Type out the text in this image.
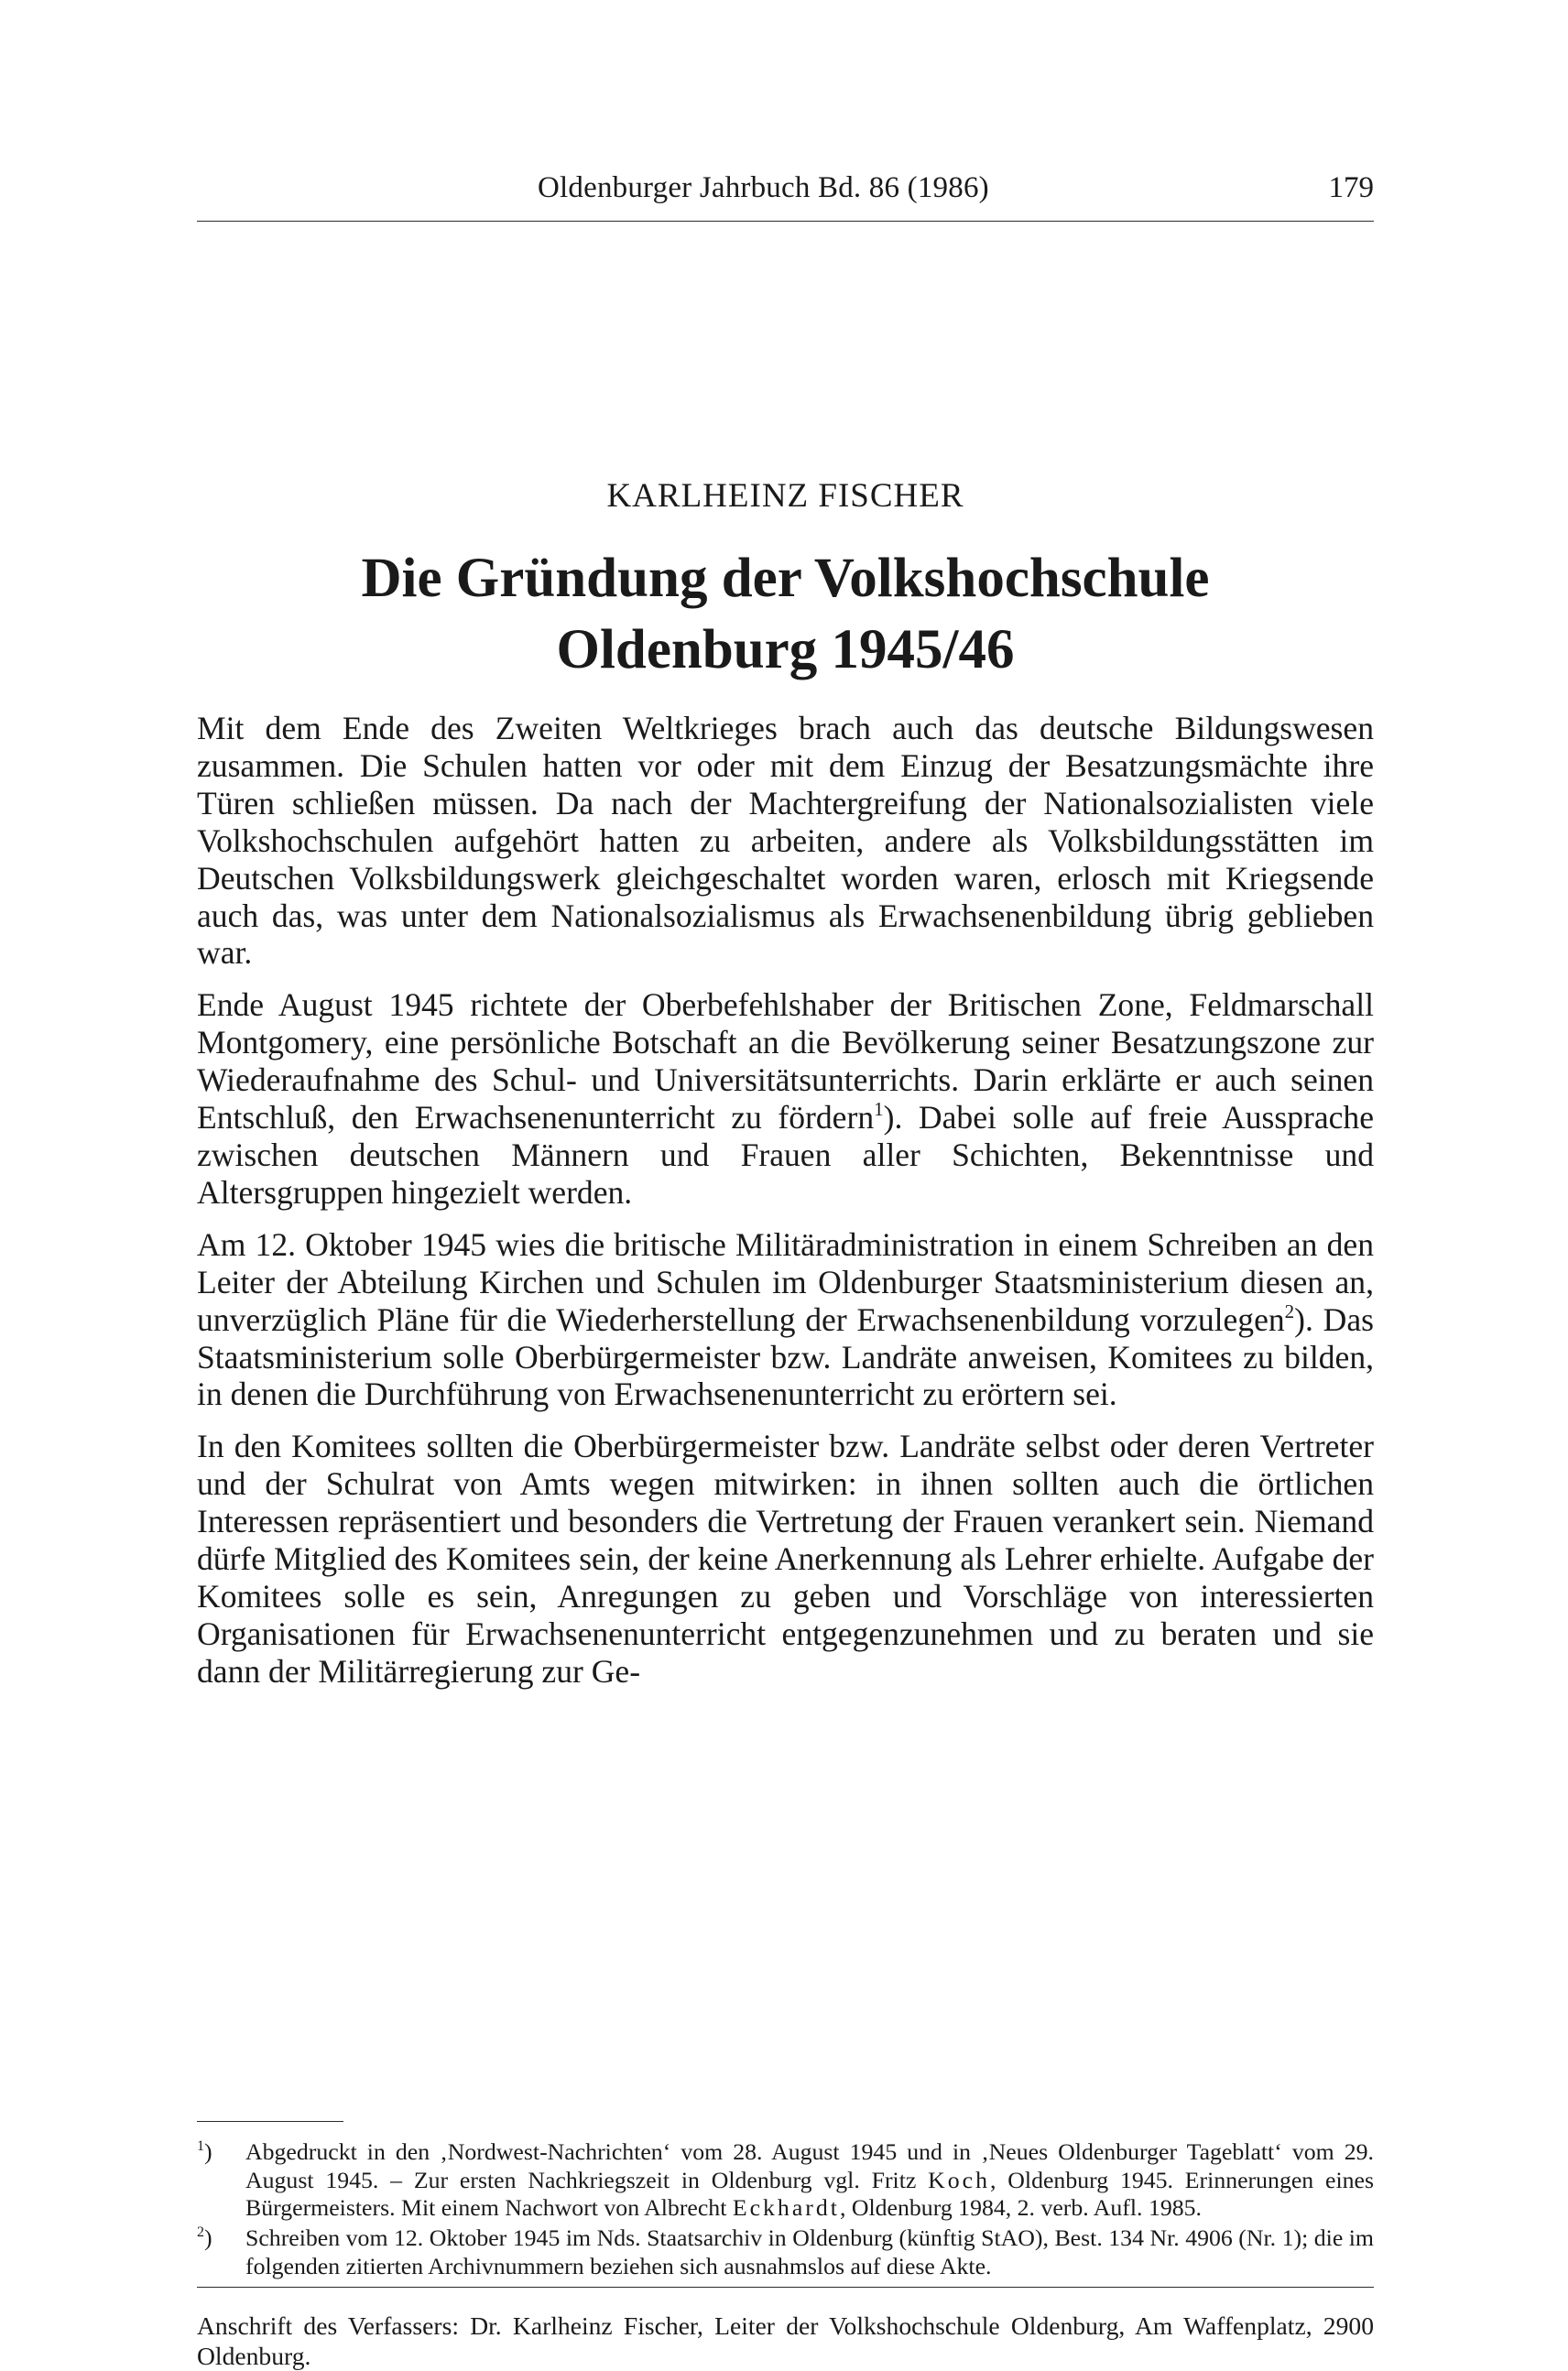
Oldenburger Jahrbuch Bd. 86 (1986)	179
KARLHEINZ FISCHER
Die Gründung der Volkshochschule
Oldenburg 1945/46

Mit dem Ende des Zweiten Weltkrieges brach auch das deutsche Bildungswesen zusammen. Die Schulen hatten vor oder mit dem Einzug der Besatzungsmächte ihre Türen schließen müssen. Da nach der Machtergreifung der Nationalsozialisten viele Volkshochschulen aufgehört hatten zu arbeiten, andere als Volksbildungsstätten im Deutschen Volksbildungswerk gleichgeschaltet worden waren, erlosch mit Kriegsende auch das, was unter dem Nationalsozialismus als Erwachsenenbildung übrig geblieben war.

Ende August 1945 richtete der Oberbefehlshaber der Britischen Zone, Feldmarschall Montgomery, eine persönliche Botschaft an die Bevölkerung seiner Besatzungszone zur Wiederaufnahme des Schul- und Universitätsunterrichts. Darin erklärte er auch seinen Entschluß, den Erwachsenenunterricht zu fördern$^1$). Dabei solle auf freie Aussprache zwischen deutschen Männern und Frauen aller Schichten, Bekenntnisse und Altersgruppen hingezielt werden.

Am 12. Oktober 1945 wies die britische Militäradministration in einem Schreiben an den Leiter der Abteilung Kirchen und Schulen im Oldenburger Staatsministerium diesen an, unverzüglich Pläne für die Wiederherstellung der Erwachsenenbildung vorzulegen$^2$). Das Staatsministerium solle Oberbürgermeister bzw. Landräte anweisen, Komitees zu bilden, in denen die Durchführung von Erwachsenenunterricht zu erörtern sei.

In den Komitees sollten die Oberbürgermeister bzw. Landräte selbst oder deren Vertreter und der Schulrat von Amts wegen mitwirken: in ihnen sollten auch die örtlichen Interessen repräsentiert und besonders die Vertretung der Frauen verankert sein. Niemand dürfe Mitglied des Komitees sein, der keine Anerkennung als Lehrer erhielte. Aufgabe der Komitees solle es sein, Anregungen zu geben und Vorschläge von interessierten Organisationen für Erwachsenenunterricht entgegenzunehmen und zu beraten und sie dann der Militärregierung zur Ge-

$^1$) Abgedruckt in den ‚Nordwest-Nachrichten‘ vom 28. August 1945 und in ‚Neues Oldenburger Tageblatt‘ vom 29. August 1945. – Zur ersten Nachkriegszeit in Oldenburg vgl. Fritz Koch, Oldenburg 1945. Erinnerungen eines Bürgermeisters. Mit einem Nachwort von Albrecht Eckhardt, Oldenburg 1984, 2. verb. Aufl. 1985.
$^2$) Schreiben vom 12. Oktober 1945 im Nds. Staatsarchiv in Oldenburg (künftig StAO), Best. 134 Nr. 4906 (Nr. 1); die im folgenden zitierten Archivnummern beziehen sich ausnahmslos auf diese Akte.
Anschrift des Verfassers: Dr. Karlheinz Fischer, Leiter der Volkshochschule Oldenburg, Am Waffenplatz, 2900 Oldenburg.
